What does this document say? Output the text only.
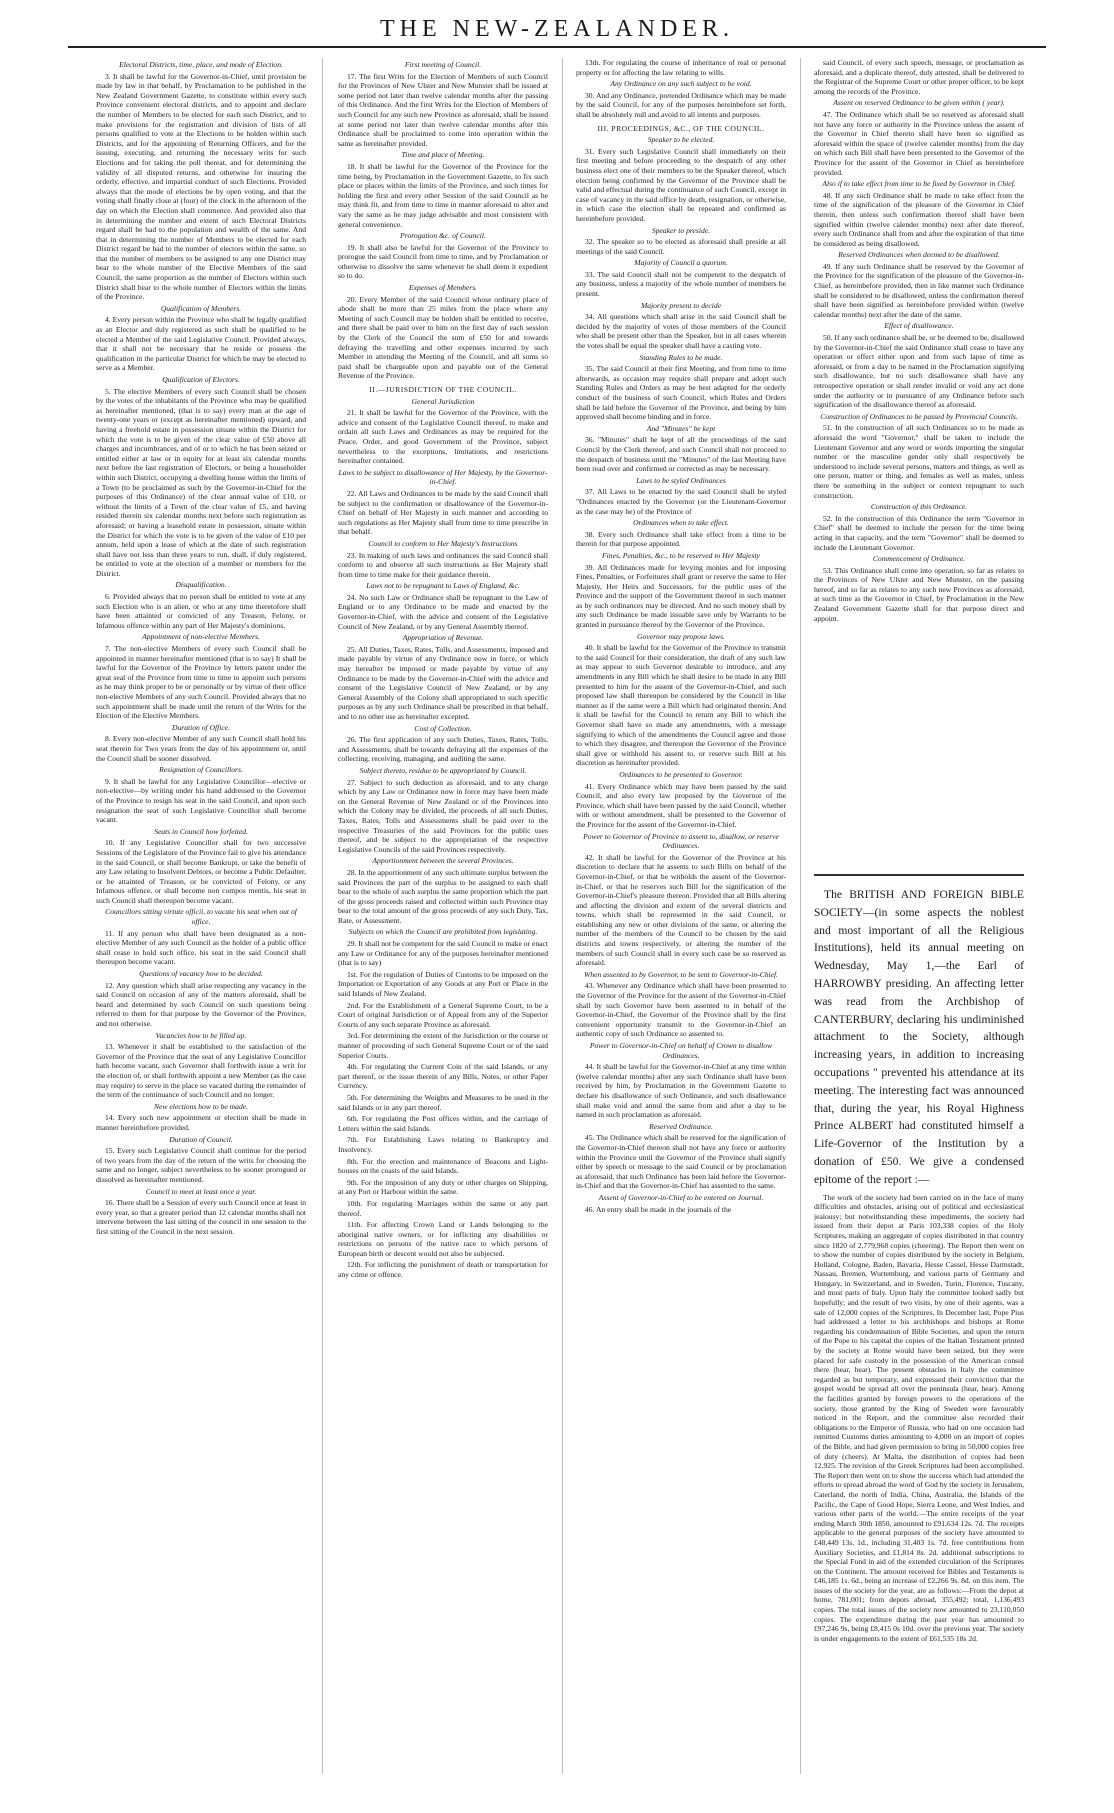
THE NEW-ZEALANDER.

Electoral Districts, time, place, and mode of Election.

3. It shall be lawful for the Governor-in-Chief, until provision be made by law in that behalf, by Proclamation to be published in the New Zealand Government Gazette, to constitute within every such Province convenient electoral districts, and to appoint and declare the number of Members to be elected for each such District, and to make provisions for the registration and division of lists of all persons qualified to vote at the Elections to be holden within such Districts, and for the appointing of Returning Officers, and for the issuing, executing, and returning the necessary writs for such Elections and for taking the poll thereat, and for determining the validity of all disputed returns, and otherwise for insuring the orderly, effective, and impartial conduct of such Elections. Provided always that the mode of elections be by open voting, and that the voting shall finally close at (four) of the clock in the afternoon of the day on which the Election shall commence. And provided also that in determining the number and extent of such Electoral Districts regard shall be had to the population and wealth of the same. And that in determining the number of Members to be elected for each District regard be had to the number of electors within the same, so that the number of members to be assigned to any one District may bear to the whole number of the Elective Members of the said Council, the same proportion as the number of Electors within such District shall bear to the whole number of Electors within the limits of the Province.

Qualification of Members.

4. Every person within the Province who shall be legally qualified as an Elector and duly registered as such shall be qualified to be elected a Member of the said Legislative Council. Provided always, that it shall not be necessary that he reside or possess the qualification in the particular District for which he may be elected to serve as a Member.

Qualification of Electors.

5. The elective Members of every such Council shall be chosen by the votes of the inhabitants of the Province who may be qualified as hereinafter mentioned, (that is to say) every man at the age of twenty-one years or (except as hereinafter mentioned) upward, and having a freehold estate in possession situate within the District for which the vote is to be given of the clear value of £50 above all charges and incumbrances, and of or to which he has been seized or entitled either at law or in equity for at least six calendar months next before the last registration of Electors, or being a householder within such District, occupying a dwelling house within the limits of a Town (to be proclaimed as such by the Governor-in-Chief for the purposes of this Ordinance) of the clear annual value of £10, or without the limits of a Town of the clear value of £5, and having resided therein six calendar months next before such registration as aforesaid; or having a leasehold estate in possession, situate within the District for which the vote is to be given of the value of £10 per annum, held upon a lease of which at the date of such registration shall have not less than three years to run, shall, if duly registered, be entitled to vote at the election of a member or members for the District.

Disqualification.

6. Provided always that no person shall be entitled to vote at any such Election who is an alien, or who at any time theretofore shall have been attainted or convicted of any Treason, Felony, or Infamous offence within any part of Her Majesty's dominions.

Appointment of non-elective Members.

7. The non-elective Members of every such Council shall be appointed in manner hereinafter mentioned (that is to say) It shall be lawful for the Governor of the Province by letters patent under the great seal of the Province from time to time to appoint such persons as he may think proper to be or personally or by virtue of their office non-elective Members of any such Council. Provided always that no such appointment shall be made until the return of the Writs for the Election of the Elective Members.

Duration of Office.

8. Every non-elective Member of any such Council shall hold his seat therein for Two years from the day of his appointment or, until the Council shall be sooner dissolved.

Resignation of Councillors.

9. It shall be lawful for any Legislative Councillor—elective or non-elective—by writing under his hand addressed to the Governor of the Province to resign his seat in the said Council, and upon such resignation the seat of such Legislative Councillor shall become vacant.

Seats in Council how forfeited.

10. If any Legislative Councillor shall for two successive Sessions of the Legislature of the Province fail to give his attendance in the said Council, or shall become Bankrupt, or take the benefit of any Law relating to Insolvent Debtors, or become a Public Defaulter, or be attainted of Treason, or be convicted of Felony, or any Infamous offence, or shall become non compos mentis, his seat in such Council shall thereupon become vacant.

Councillors sitting virtute officii, to vacate his seat when out of office.

11. If any person who shall have been designated as a non-elective Member of any such Council as the holder of a public office shall cease to hold such office, his seat in the said Council shall thereupon become vacant.

Questions of vacancy how to be decided.

12. Any question which shall arise respecting any vacancy in the said Council on occasion of any of the matters aforesaid, shall be heard and determined by such Council on such questions being referred to them for that purpose by the Governor of the Province, and not otherwise.

Vacancies how to be filled up.

13. Whenever it shall be established to the satisfaction of the Governor of the Province that the seat of any Legislative Councillor hath become vacant, such Governor shall forthwith issue a writ for the election of, or shall forthwith appoint a new Member (as the case may require) to serve in the place so vacated during the remainder of the term of the continuance of such Council and no longer.

New elections how to be made.

14. Every such new appointment or election shall be made in manner hereinbefore provided.

Duration of Council.

15. Every such Legislative Council shall continue for the period of two years from the day of the return of the writs for choosing the same and no longer, subject nevertheless to be sooner prorogued or dissolved as hereinafter mentioned.

Council to meet at least once a year.

16. There shall be a Session of every such Council once at least in every year, so that a greater period than 12 calendar months shall not intervene between the last sitting of the council in one session to the first sitting of the Council in the next session.

First meeting of Council.

17. The first Writs for the Election of Members of such Council for the Provinces of New Ulster and New Munster shall be issued at some period not later than twelve calendar months after the passing of this Ordinance. And the first Writs for the Election of Members of such Council for any such new Province as aforesaid, shall be issued at some period not later than twelve calendar months after this Ordinance shall be proclaimed to come into operation within the same as hereinafter provided.

Time and place of Meeting.

18. It shall be lawful for the Governor of the Province for the time being, by Proclamation in the Government Gazette, to fix such place or places within the limits of the Province, and such times for holding the first and every other Session of the said Council as he may think fit, and from time to time in manner aforesaid to alter and vary the same as he may judge advisable and most consistent with general convenience.

Prorogation &c. of Council.

19. It shall also be lawful for the Governor of the Province to prorogue the said Council from time to time, and by Proclamation or otherwise to dissolve the same whenever he shall deem it expedient so to do.

Expenses of Members.

20. Every Member of the said Council whose ordinary place of abode shall be more than 25 miles from the place where any Meeting of such Council may be holden shall be entitled to receive, and there shall be paid over to him on the first day of each session by the Clerk of the Council the sum of £50 for and towards defraying the travelling and other expenses incurred by such Member in attending the Meeting of the Council, and all sums so paid shall be chargeable upon and payable out of the General Revenue of the Province.

II.—JURISDICTION OF THE COUNCIL.

General Jurisdiction

21. It shall be lawful for the Governor of the Province, with the advice and consent of the Legislative Council thereof, to make and ordain all such Laws and Ordinances as may be required for the Peace, Order, and good Government of the Province, subject nevertheless to the exceptions, limitations, and restrictions hereinafter contained.

Laws to be subject to disallowance of Her Majesty, by the Governor-in-Chief.

22. All Laws and Ordinances to be made by the said Council shall be subject to the confirmation or disallowance of the Governor-in-Chief on behalf of Her Majesty in such manner and according to such regulations as Her Majesty shall from time to time prescribe in that behalf.

Council to conform to Her Majesty's Instructions

23. In making of such laws and ordinances the said Council shall conform to and observe all such instructions as Her Majesty shall from time to time make for their guidance therein.

Laws not to be repugnant to Laws of England, &c.

24. No such Law or Ordinance shall be repugnant to the Law of England or to any Ordinance to be made and enacted by the Governor-in-Chief, with the advice and consent of the Legislative Council of New Zealand, or by any General Assembly thereof.

Appropriation of Revenue.

25. All Duties, Taxes, Rates, Tolls, and Assessments, imposed and made payable by virtue of any Ordinance now in force, or which may hereafter be imposed or made payable by virtue of any Ordinance to be made by the Governor-in-Chief with the advice and consent of the Legislative Council of New Zealand, or by any General Assembly of the Colony shall appropriated to such specific purposes as by any such Ordinance shall be prescribed in that behalf, and to no other use as hereinafter excepted.

Cost of Collection.

26. The first application of any such Duties, Taxes, Rates, Tolls, and Assessments, shall be towards defraying all the expenses of the collecting, receiving, managing, and auditing the same.

Subject thereto, residue to be appropriated by Council.

27. Subject to such deduction as aforesaid, and to any charge which by any Law or Ordinance now in force may have been made on the General Revenue of New Zealand or of the Provinces into which the Colony may be divided, the proceeds of all such Duties, Taxes, Rates, Tolls and Assessments shall be paid over to the respective Treasuries of the said Provinces for the public uses thereof, and be subject to the appropriation of the respective Legislative Councils of the said Provinces respectively.

Apportionment between the several Provinces.

28. In the apportionment of any such ultimate surplus between the said Provinces the part of the surplus to be assigned to each shall bear to the whole of such surplus the same proportion which the part of the gross proceeds raised and collected within such Province may bear to the total amount of the gross proceeds of any such Duty, Tax, Rate, or Assessment.

Subjects on which the Council are prohibited from legislating.

29. It shall not be competent for the said Council to make or enact any Law or Ordinance for any of the purposes hereinafter mentioned (that is to say)

1st. For the regulation of Duties of Customs to be imposed on the Importation or Exportation of any Goods at any Port or Place in the said Islands of New Zealand.

2nd. For the Establishment of a General Supreme Court, to be a Court of original Jurisdiction or of Appeal from any of the Superior Courts of any such separate Province as aforesaid.

3rd. For determining the extent of the Jurisdiction or the course or manner of proceeding of such General Supreme Court or of the said Superior Courts.

4th. For regulating the Current Coin of the said Islands, or any part thereof, or the issue therein of any Bills, Notes, or other Paper Currency.

5th. For determining the Weights and Measures to be used in the said Islands or in any part thereof.

6th. For regulating the Post offices within, and the carriage of Letters within the said Islands.

7th. For Establishing Laws relating to Bankruptcy and Insolvency.

8th. For the erection and maintenance of Beacons and Light-houses on the coasts of the said Islands.

9th. For the imposition of any duty or other charges on Shipping, at any Port or Harbour within the same.

10th. For regulating Marriages within the same or any part thereof.

11th. For affecting Crown Land or Lands belonging to the aboriginal native owners, or for inflicting any disabilities or restrictions on persons of the native race to which persons of European birth or descent would not also be subjected.

12th. For inflicting the punishment of death or transportation for any crime or offence.

13th. For regulating the course of inheritance of real or personal property or for affecting the law relating to wills.

Any Ordinance on any such subject to be void.

30. And any Ordinance, pretended Ordinance which may be made by the said Council, for any of the purposes hereinbefore set forth, shall be absolutely null and avoid to all intents and purposes.

III. PROCEEDINGS, &C., OF THE COUNCIL.

Speaker to be elected.

31. Every such Legislative Council shall immediately on their first meeting and before proceeding to the despatch of any other business elect one of their members to be the Speaker thereof, which election being confirmed by the Governor of the Province shall be valid and effectual during the continuance of such Council, except in case of vacancy in the said office by death, resignation, or otherwise, in which case the election shall be repeated and confirmed as hereinbefore provided.

Speaker to preside.

32. The speaker so to be elected as aforesaid shall preside at all meetings of the said Council.

Majority of Council a quorum.

33. The said Council shall not be competent to the despatch of any business, unless a majority of the whole number of members be present.

Majority present to decide

34. All questions which shall arise in the said Council shall be decided by the majority of votes of those members of the Council who shall be present other than the Speaker, but in all cases wherein the votes shall be equal the speaker shall have a casting vote.

Standing Rules to be made.

35. The said Council at their first Meeting, and from time to time afterwards, as occasion may require shall prepare and adopt such Standing Rules and Orders as may be best adapted for the orderly conduct of the business of such Council, which Rules and Orders shall be laid before the Governor of the Province, and being by him approved shall become binding and in force.

And "Minutes" be kept

36. "Minutes" shall be kept of all the proceedings of the said Council by the Clerk thereof, and such Council shall not proceed to the despatch of business until the "Minutes" of the last Meeting have been read over and confirmed or corrected as may be necessary.

Laws to be styled Ordinances

37. All Laws to be enacted by the said Council shall be styled "Ordinances enacted by the Governor (or the Lieutenant-Governor as the case may be) of the Province of

Ordinances when to take effect.

38. Every such Ordinance shall take effect from a time to be therein for that purpose appointed.

Fines, Penalties, &c., to be reserved to Her Majesty

39. All Ordinances made for levying monies and for imposing Fines, Penalties, or Forfeitures shall grant or reserve the same to Her Majesty, Her Heirs and Successors, for the public uses of the Province and the support of the Government thereof in such manner as by such ordinances may be directed. And no such money shall by any such Ordinance be made issuable save only by Warrants to be granted in pursuance thereof by the Governor of the Province.

Governor may propose laws.

40. It shall be lawful for the Governor of the Province to transmit to the said Council for their consideration, the draft of any such law as may appear to such Governor desirable to introduce, and any amendments in any Bill which he shall desire to be made in any Bill presented to him for the assent of the Governor-in-Chief, and such proposed law shall thereupon be considered by the Council in like manner as if the same were a Bill which had originated therein. And it shall be lawful for the Council to return any Bill to which the Governor shall have so made any amendments, with a message signifying to which of the amendments the Council agree and those to which they disagree, and thereupon the Governor of the Province shall give or withhold his assent to, or reserve such Bill at his discretion as hereinafter provided.

Ordinances to be presented to Governor.

41. Every Ordinance which may have been passed by the said Council, and also every law proposed by the Governor of the Province, which shall have been passed by the said Council, whether with or without amendment, shall be presented to the Governor of the Province for the assent of the Governor-in-Chief.

Power to Governor of Province to assent to, disallow, or reserve Ordinances.

42. It shall be lawful for the Governor of the Province at his discretion to declare that he assents to such Bills on behalf of the Governor-in-Chief, or that he witholds the assent of the Governor-in-Chief, or that he reserves such Bill for the signification of the Governor-in-Chief's pleasure thereon. Provided that all Bills altering and affecting the division and extent of the several districts and towns, which shall be represented in the said Council, or establishing any new or other divisions of the same, or altering the number of the members of the Council to be chosen by the said districts and towns respectively, or altering the number of the members of such Council shall in every such case be so reserved as aforesaid.

When assented to by Governor, to be sent to Governor-in-Chief.

43. Whenever any Ordinance which shall have been presented to the Governor of the Province for the assent of the Governor-in-Chief shall by such Governor have been assented to in behalf of the Governor-in-Chief, the Governor of the Province shall by the first convenient opportunity transmit to the Governor-in-Chief an authentic copy of such Ordinance so assented to.

Power to Governor-in-Chief on behalf of Crown to disallow Ordinances.

44. It shall be lawful for the Governor-in-Chief at any time within (twelve calendar months) after any such Ordinance shall have been received by him, by Proclamation in the Government Gazette to declare his disallowance of such Ordinance, and such disallowance shall make void and annul the same from and after a day to be named in such proclamation as aforesaid.

Reserved Ordinance.

45. The Ordinance which shall be reserved for the signification of the Governor-in-Chief thereon shall not have any force or authority within the Province until the Governor of the Province shall signify either by speech or message to the said Council or by proclamation as aforesaid, that such Ordinance has been laid before the Governor-in-Chief and that the Governor-in-Chief has assented to the same.

Assent of Governor-in-Chief to be entered on Journal.

46. An entry shall be made in the journals of the

said Council, of every such speech, message, or proclamation as aforesaid, and a duplicate thereof, duly attested, shall be delivered to the Registrar of the Supreme Court or other proper officer, to be kept among the records of the Province.

Assent on reserved Ordinance to be given within ( year).

47. The Ordinance which shall be so reserved as aforesaid shall not have any force or authority in the Province unless the assent of the Governor in Chief thereto shall have been so signified as aforesaid within the space of (twelve calender months) from the day on which such Bill shall have been presented to the Governor of the Province for the assent of the Governor in Chief as hereinbefore provided.

Also if to take effect from time to be fixed by Governor in Chief.

48. If any such Ordinance shall be made to take effect from the time of the signification of the pleasure of the Governor in Chief therein, then unless such confirmation thereof shall have been signified within (twelve calender months) next after date thereof, every such Ordinance shall from and after the expiration of that time be considered as being disallowed.

Reserved Ordinances when deemed to be disallowed.

49. If any such Ordinance shall be reserved by the Governor of the Province for the signification of the pleasure of the Governor-in-Chief, as hereinbefore provided, then in like manner such Ordinance shall be considered to be disallowed, unless the confirmation thereof shall have been signified as hereinbefore provided within (twelve calendar months) next after the date of the same.

Effect of disallowance.

50. If any such ordinance shall be, or be deemed to be, disallowed by the Governor-in-Chief the said Ordinance shall cease to have any operation or effect either upon and from such lapse of time as aforesaid, or from a day to be named in the Proclamation signifying such disallowance, but no such disallowance shall have any retrospective operation or shall render invalid or void any act done under the authority or in pursuance of any Ordinance before such signification of the disallowance thereof as aforesaid.

Construction of Ordinances to be passed by Provincial Councils.

51. In the construction of all such Ordinances so to be made as aforesaid the word "Governor," shall be taken to include the Lieutenant Governor and any word or words importing the singular number or the masculine gender only shall respectively be understood to include several persons, matters and things, as well as one person, matter or thing, and females as well as males, unless there be something in the subject or context repugnant to such construction.

Construction of this Ordinance.

52. In the construction of this Ordinance the term "Governor in Chief" shall be deemed to include the person for the time being acting in that capacity, and the term "Governor" shall be deemed to include the Lieutenant Governor.

Commencement of Ordinance.

53. This Ordinance shall come into operation, so far as relates to the Provinces of New Ulster and New Munster, on the passing hereof, and so far as relates to any such new Provinces as aforesaid, at such time as the Governor in Chief, by Proclamation in the New Zealand Government Gazette shall for that purpose direct and appoint.

The BRITISH AND FOREIGN BIBLE SOCIETY—(in some aspects the noblest and most important of all the Religious Institutions), held its annual meeting on Wednesday, May 1,—the Earl of HARROWBY presiding. An affecting letter was read from the Archbishop of CANTERBURY, declaring his undiminished attachment to the Society, although increasing years, in addition to increasing occupations " prevented his attendance at its meeting. The interesting fact was announced that, during the year, his Royal Highness Prince ALBERT had constituted himself a Life-Governor of the Institution by a donation of £50. We give a condensed epitome of the report :—

The work of the society had been carried on in the face of many difficulties and obstacles, arising out of political and ecclesiastical jealousy; but notwithstanding these impediments, the society had issued from their depot at Paris 103,338 copies of the Holy Scriptures, making an aggregate of copies distributed in that country since 1820 of 2,779,968 copies (cheering). The Report then went on to show the number of copies distributed by the society in Belgium, Holland, Cologne, Baden, Bavaria, Hesse Cassel, Hesse Darmstadt, Nassau, Bremen, Wurtemburg, and various parts of Germany and Hungary, in Switzerland, and in Sweden, Turin, Florence, Tuscany, and most parts of Italy. Upon Italy the committee looked sadly but hopefully; and the result of two visits, by one of their agents, was a sale of 12,000 copies of the Scriptures. In December last, Pope Pius had addressed a letter to his archbishops and bishops at Rome regarding his condemnation of Bible Societies, and upon the return of the Pope to his capital the copies of the Italian Testament printed by the society at Rome would have been seized, but they were placed for safe custody in the possession of the American consul there (hear, hear). The present obstacles in Italy the committee regarded as but temporary, and expressed their conviction that the gospel would be spread all over the peninsula (hear, hear). Among the facilities granted by foreign powers to the operations of the society, those granted by the King of Sweden were favourably noticed in the Report, and the committee also recorded their obligations to the Emperor of Russia, who had on one occasion had remitted Customs duties amounting to 4,000 on an import of copies of the Bible, and had given permission to bring in 50,000 copies free of duty (cheers). At Malta, the distribution of copies had been 12,925. The revision of the Greek Scriptures had been accomplished. The Report then went on to show the success which had attended the efforts to spread abroad the word of God by the society in Jerusalem, Caterland, the north of India, China, Australia, the Islands of the Pacific, the Cape of Good Hope, Sierra Leone, and West Indies, and various other parts of the world.—The entire receipts of the year ending March 30th 1850, amounted to £91,634 12s. 7d. The receipts applicable to the general purposes of the society have amounted to £48,449 13s. 1d., including 31,403 1s. 7d. free contributions from Auxiliary Societies, and £1,814 8s. 2d. additional subscriptions to the Special Fund in aid of the extended circulation of the Scriptures on the Continent. The amount received for Bibles and Testaments is £46,185 1s. 6d., being an increase of £2,266 9s. 8d. on this item. The issues of the society for the year, are as follows:—From the depot at home, 781,001; from depots abroad, 355,492; total, 1,136,493 copies. The total issues of the society now amounted to 23,110,050 copies. The expenditure during the past year has amounted to £97,246 9s, being £8,415 0s 10d. over the previous year. The society is under engagements to the extent of £61,535 18s 2d.
